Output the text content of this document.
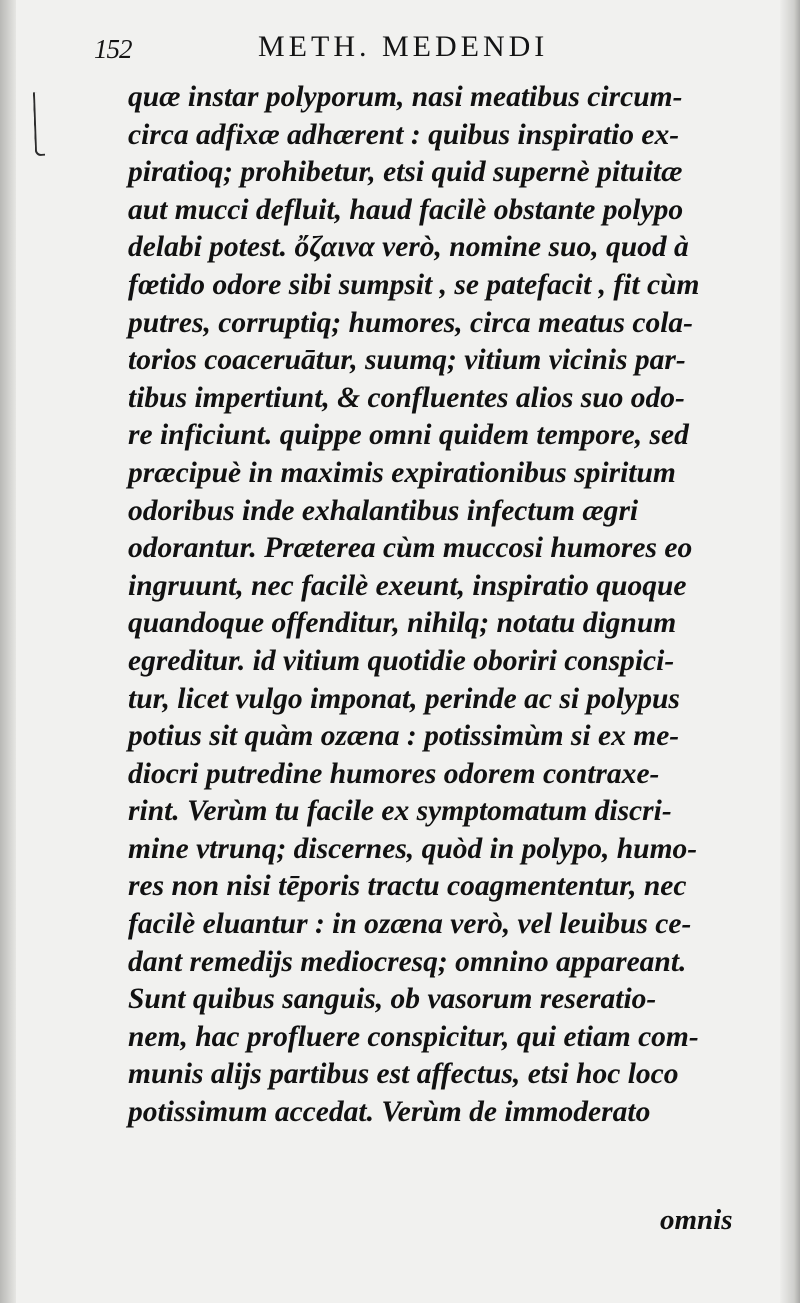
152	METH. MEDENDI
quæ instar polyporum, nasi meatibus circum-
circa adfixæ adhærent : quibus inspiratio ex-
piratioq; prohibetur, etsi quid supernè pituitæ
aut mucci defluit, haud facilè obstante polypo
delabi potest. ὄζαινα verò, nomine suo, quod à
fœtido odore sibi sumpsit , se patefacit , fit cùm
putres, corruptiq; humores, circa meatus cola-
torios coaceruātur, suumq; vitium vicinis par-
tibus impertiunt, & confluentes alios suo odo-
re inficiunt. quippe omni quidem tempore, sed
præcipuè in maximis expirationibus spiritum
odoribus inde exhalantibus infectum ægri
odorantur. Præterea cùm muccosi humores eo
ingruunt, nec facilè exeunt, inspiratio quoque
quandoque offenditur, nihilq; notatu dignum
egreditur. id vitium quotidie oboriri conspici-
tur, licet vulgo imponat, perinde ac si polypus
potius sit quàm ozæna : potissimùm si ex me-
diocri putredine humores odorem contraxe-
rint. Verùm tu facile ex symptomatum discri-
mine vtrunq; discernes, quòd in polypo, humo-
res non nisi tēporis tractu coagmententur, nec
facilè eluantur : in ozæna verò, vel leuibus ce-
dant remedijs mediocresq; omnino appareant.
Sunt quibus sanguis, ob vasorum reseratio-
nem, hac profluere conspicitur, qui etiam com-
munis alijs partibus est affectus, etsi hoc loco
potissimum accedat. Verùm de immoderato
omnis
